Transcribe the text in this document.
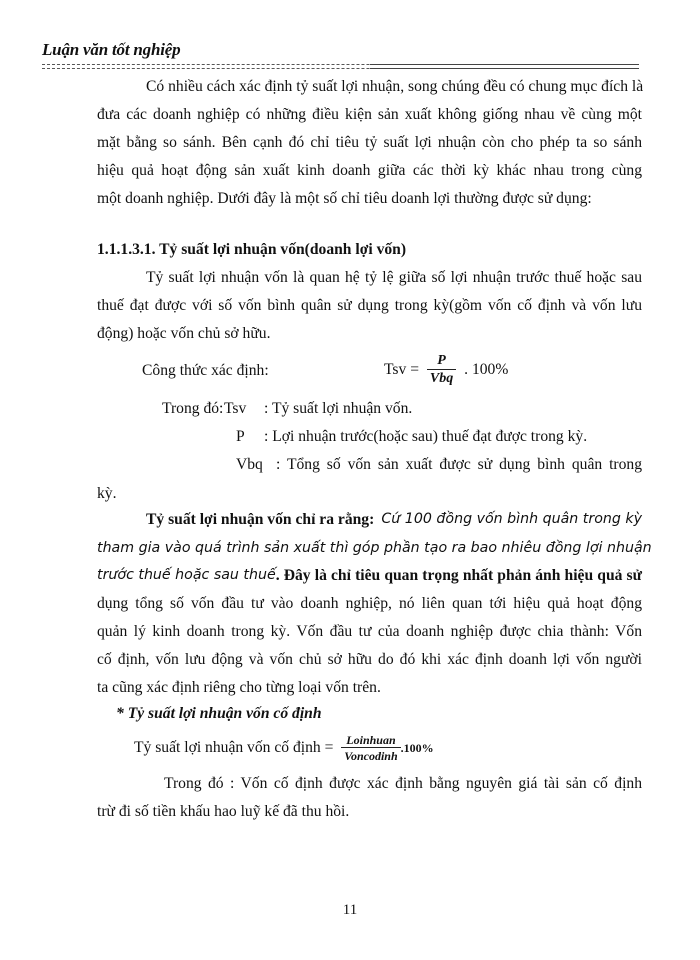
Luận văn tốt nghiệp
Có nhiều cách xác định tỷ suất lợi nhuận, song chúng đều có chung mục đích là
đưa các doanh nghiệp có những điều kiện sản xuất không giống nhau về cùng một
mặt bằng so sánh. Bên cạnh đó chỉ tiêu tỷ suất lợi nhuận còn cho phép ta so sánh
hiệu quả hoạt động sản xuất kinh doanh giữa các thời kỳ khác nhau trong cùng
một doanh nghiệp. Dưới đây là một số chỉ tiêu doanh lợi thường được sử dụng:
1.1.1.3.1. Tỷ suất lợi nhuận vốn(doanh lợi vốn)
Tỷ suất lợi nhuận vốn là quan hệ tỷ lệ giữa số lợi nhuận trước thuế hoặc sau
thuế đạt được với số vốn bình quân sử dụng trong kỳ(gồm vốn cố định và vốn lưu
động) hoặc vốn chủ sở hữu.
Công thức xác định:	Tsv = $\frac{P}{\text{Vbq}}$ . 100%
Trong đó: Tsv : Tỷ suất lợi nhuận vốn.
P : Lợi nhuận trước(hoặc sau) thuế đạt được trong kỳ.
Vbq : Tổng số vốn sản xuất được sử dụng bình quân trong
kỳ.
Tỷ suất lợi nhuận vốn chỉ ra rằng: Cứ 100 đồng vốn bình quân trong kỳ
tham gia vào quá trình sản xuất thì góp phần tạo ra bao nhiêu đồng lợi nhuận
trước thuế hoặc sau thuế . Đây là chỉ tiêu quan trọng nhất phản ánh hiệu quả sử
dụng tổng số vốn đầu tư vào doanh nghiệp, nó liên quan tới hiệu quả hoạt động
quản lý kinh doanh trong kỳ. Vốn đầu tư của doanh nghiệp được chia thành: Vốn
cố định, vốn lưu động và vốn chủ sở hữu do đó khi xác định doanh lợi vốn người
ta cũng xác định riêng cho từng loại vốn trên.
* Tỷ suất lợi nhuận vốn cố định
Tỷ suất lợi nhuận vốn cố định = $\frac{\text{Loinhuan}}{\text{Voncodinh}} .100\%$
Trong đó : Vốn cố định được xác định bằng nguyên giá tài sản cố định
trừ đi số tiền khấu hao luỹ kế đã thu hồi.
11
